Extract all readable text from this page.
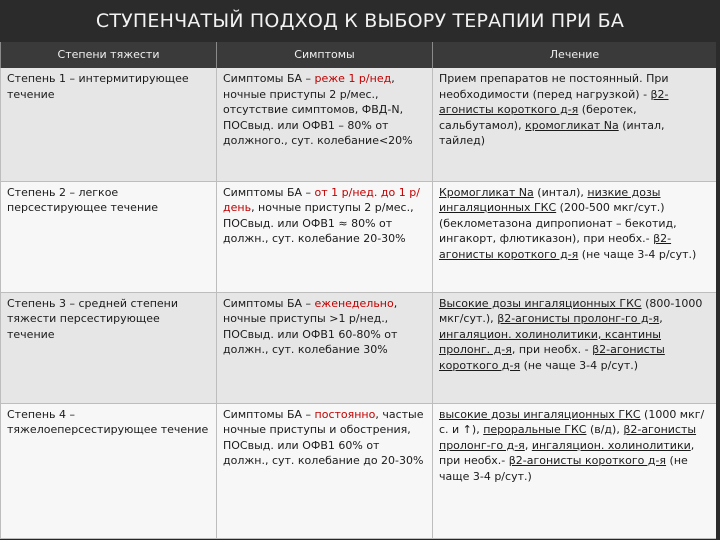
СТУПЕНЧАТЫЙ ПОДХОД К ВЫБОРУ ТЕРАПИИ ПРИ БА
Степени тяжести	Симптомы	Лечение
Степень 1 – интермитирующее течение	Симптомы БА – реже 1 р/нед, ночные приступы 2 р/мес., отсутствие симптомов, ФВД-N, ПОСвыд. или ОФВ1 – 80% от должного., сут. колебание<20%	Прием препаратов не постоянный. При необходимости (перед нагрузкой) - β2-агонисты короткого д-я (беротек, сальбутамол), кромогликат Na (интал, тайлед)
Степень 2 – легкое персестирующее течение	Симптомы БА – от 1 р/нед. до 1 р/день, ночные приступы 2 р/мес., ПОСвыд. или ОФВ1 ≈ 80% от должн., сут. колебание 20-30%	Кромогликат Na (интал), низкие дозы ингаляционных ГКС (200-500 мкг/сут.)(беклометазона дипропионат – бекотид, ингакорт, флютиказон), при необх.- β2-агонисты короткого д-я (не чаще 3-4 р/сут.)
Степень 3 – средней степени тяжести персестирующее течение	Симптомы БА – еженедельно, ночные приступы >1 р/нед., ПОСвыд. или ОФВ1 60-80% от должн., сут. колебание 30%	Высокие дозы ингаляционных ГКС (800-1000 мкг/сут.), β2-агонисты пролонг-го д-я, ингаляцион. холинолитики, ксантины пролонг. д-я, при необх. - β2-агонисты короткого д-я (не чаще 3-4 р/сут.)
Степень 4 – тяжелоеперсестирующее течение	Симптомы БА – постоянно, частые ночные приступы и обострения, ПОСвыд. или ОФВ1 60% от должн., сут. колебание до 20-30%	высокие дозы ингаляционных ГКС (1000 мкг/с. и ↑), пероральные ГКС (в/д), β2-агонисты пролонг-го д-я, ингаляцион. холинолитики, при необх.- β2-агонисты короткого д-я (не чаще 3-4 р/сут.)
